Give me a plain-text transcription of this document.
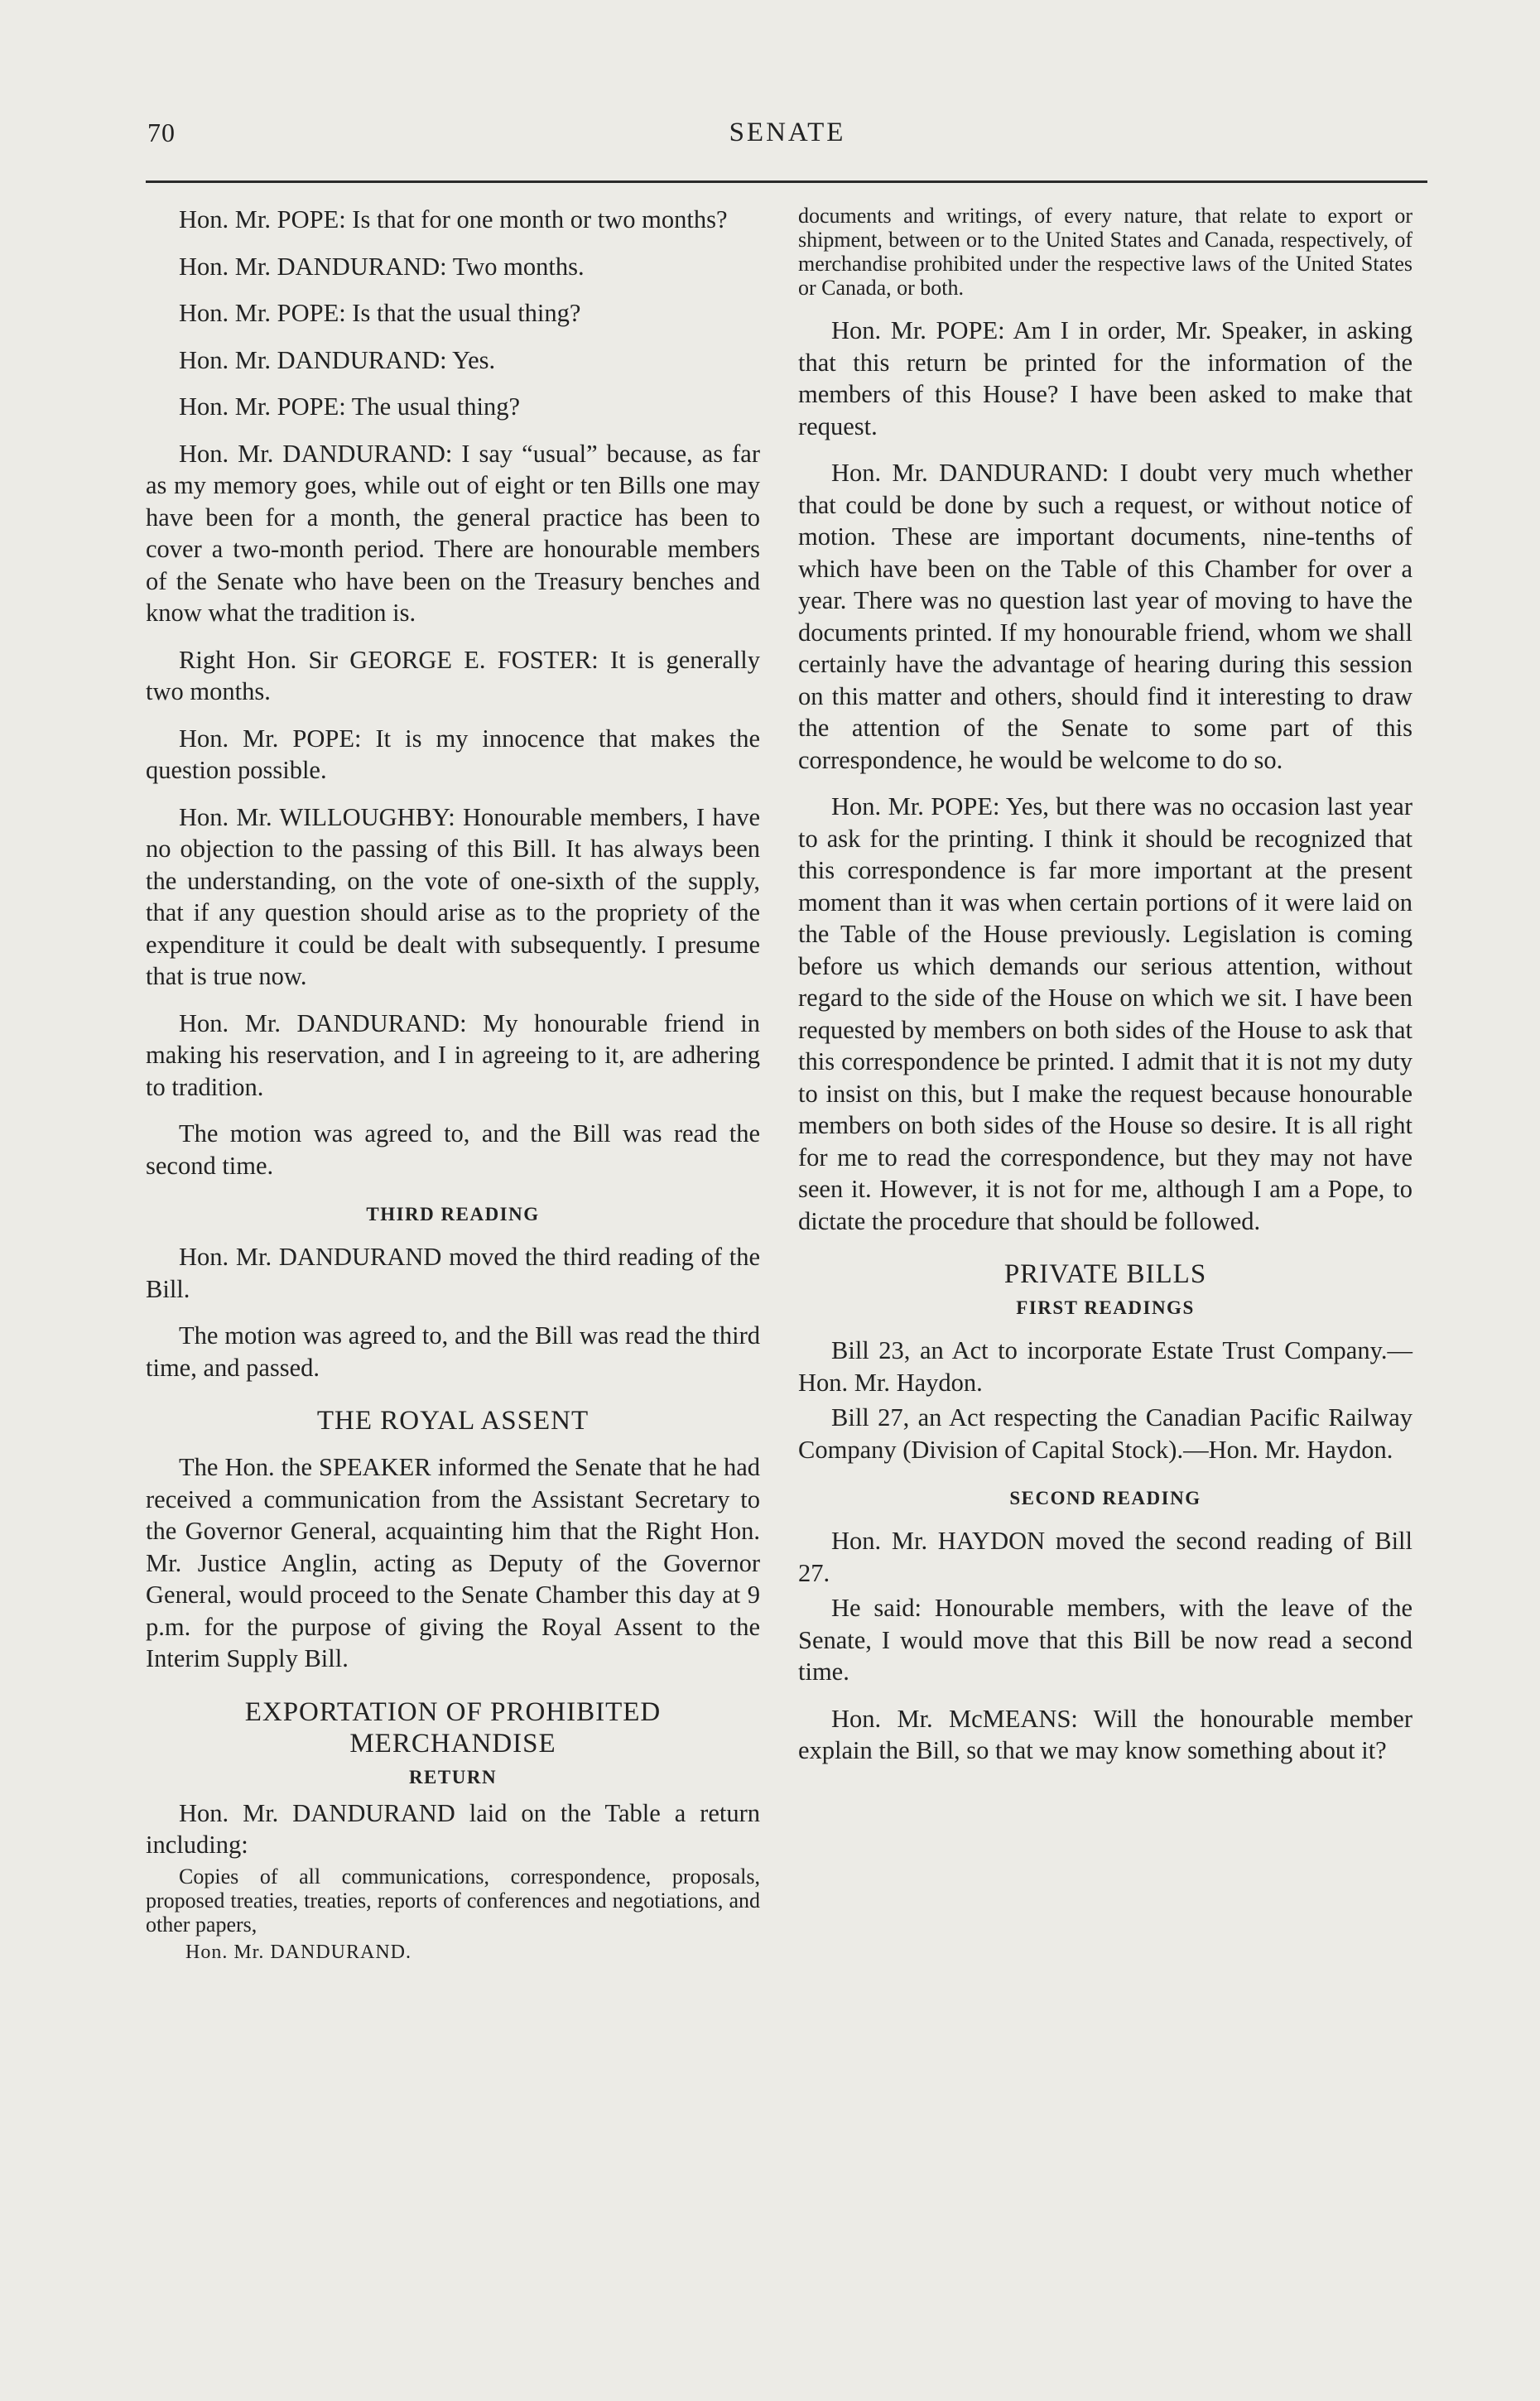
70	SENATE

Hon. Mr. POPE: Is that for one month or two months?

Hon. Mr. DANDURAND: Two months.

Hon. Mr. POPE: Is that the usual thing?

Hon. Mr. DANDURAND: Yes.

Hon. Mr. POPE: The usual thing?

Hon. Mr. DANDURAND: I say “usual” because, as far as my memory goes, while out of eight or ten Bills one may have been for a month, the general practice has been to cover a two-month period. There are honourable members of the Senate who have been on the Treasury benches and know what the tradition is.

Right Hon. Sir GEORGE E. FOSTER: It is generally two months.

Hon. Mr. POPE: It is my innocence that makes the question possible.

Hon. Mr. WILLOUGHBY: Honourable members, I have no objection to the passing of this Bill. It has always been the understanding, on the vote of one-sixth of the supply, that if any question should arise as to the propriety of the expenditure it could be dealt with subsequently. I presume that is true now.

Hon. Mr. DANDURAND: My honourable friend in making his reservation, and I in agreeing to it, are adhering to tradition.

The motion was agreed to, and the Bill was read the second time.

THIRD READING

Hon. Mr. DANDURAND moved the third reading of the Bill.

The motion was agreed to, and the Bill was read the third time, and passed.

THE ROYAL ASSENT

The Hon. the SPEAKER informed the Senate that he had received a communication from the Assistant Secretary to the Governor General, acquainting him that the Right Hon. Mr. Justice Anglin, acting as Deputy of the Governor General, would proceed to the Senate Chamber this day at 9 p.m. for the purpose of giving the Royal Assent to the Interim Supply Bill.

EXPORTATION OF PROHIBITED MERCHANDISE
RETURN

Hon. Mr. DANDURAND laid on the Table a return including:

Copies of all communications, correspondence, proposals, proposed treaties, treaties, reports of conferences and negotiations, and other papers,

Hon. Mr. DANDURAND.

documents and writings, of every nature, that relate to export or shipment, between or to the United States and Canada, respectively, of merchandise prohibited under the respective laws of the United States or Canada, or both.

Hon. Mr. POPE: Am I in order, Mr. Speaker, in asking that this return be printed for the information of the members of this House? I have been asked to make that request.

Hon. Mr. DANDURAND: I doubt very much whether that could be done by such a request, or without notice of motion. These are important documents, nine-tenths of which have been on the Table of this Chamber for over a year. There was no question last year of moving to have the documents printed. If my honourable friend, whom we shall certainly have the advantage of hearing during this session on this matter and others, should find it interesting to draw the attention of the Senate to some part of this correspondence, he would be welcome to do so.

Hon. Mr. POPE: Yes, but there was no occasion last year to ask for the printing. I think it should be recognized that this correspondence is far more important at the present moment than it was when certain portions of it were laid on the Table of the House previously. Legislation is coming before us which demands our serious attention, without regard to the side of the House on which we sit. I have been requested by members on both sides of the House to ask that this correspondence be printed. I admit that it is not my duty to insist on this, but I make the request because honourable members on both sides of the House so desire. It is all right for me to read the correspondence, but they may not have seen it. However, it is not for me, although I am a Pope, to dictate the procedure that should be followed.

PRIVATE BILLS
FIRST READINGS

Bill 23, an Act to incorporate Estate Trust Company.—Hon. Mr. Haydon.

Bill 27, an Act respecting the Canadian Pacific Railway Company (Division of Capital Stock).—Hon. Mr. Haydon.

SECOND READING

Hon. Mr. HAYDON moved the second reading of Bill 27.

He said: Honourable members, with the leave of the Senate, I would move that this Bill be now read a second time.

Hon. Mr. McMEANS: Will the honourable member explain the Bill, so that we may know something about it?
